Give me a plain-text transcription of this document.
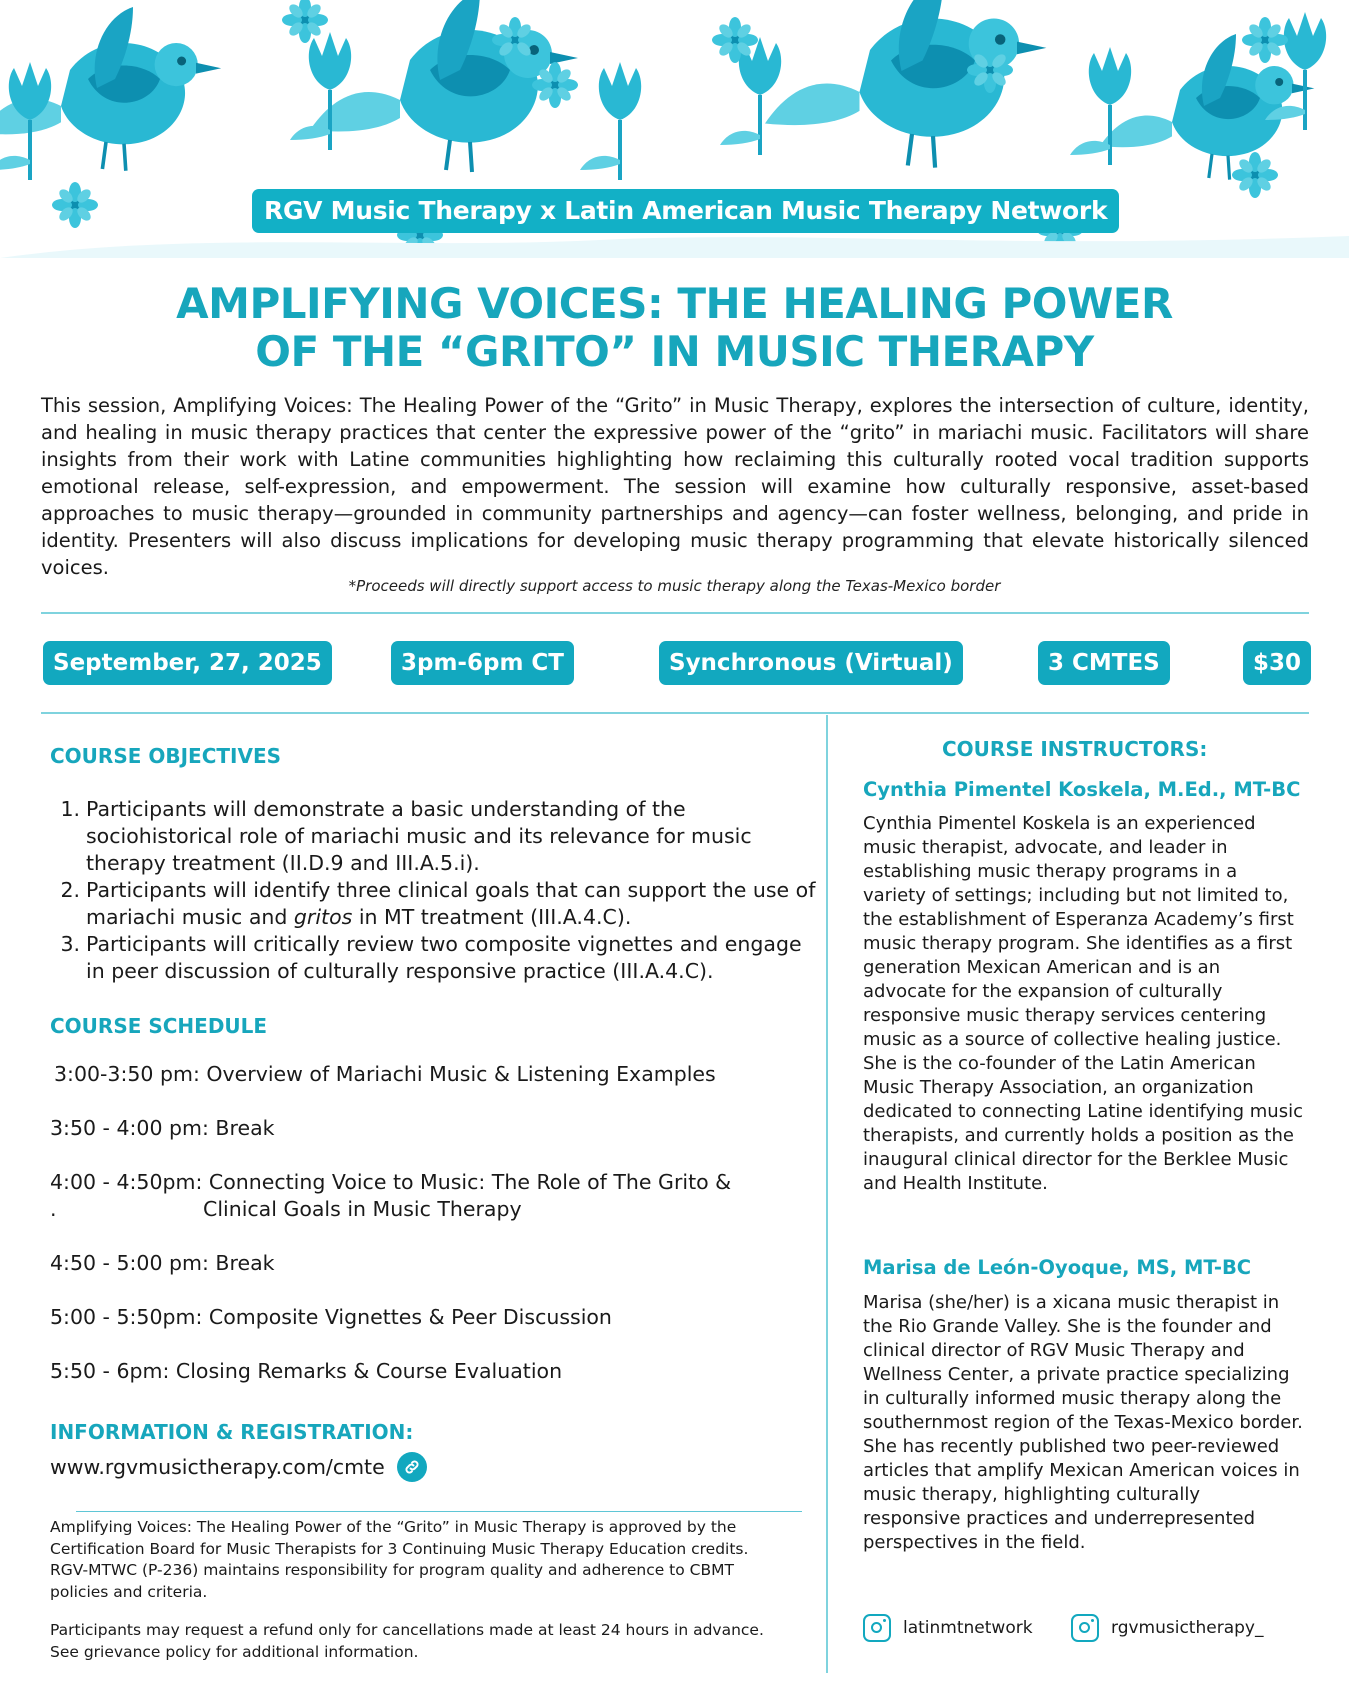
RGV Music Therapy x Latin American Music Therapy Network
AMPLIFYING VOICES: THE HEALING POWER
OF THE “GRITO” IN MUSIC THERAPY
This session, Amplifying Voices: The Healing Power of the “Grito” in Music Therapy, explores the intersection of culture, identity, and healing in music therapy practices that center the expressive power of the “grito” in mariachi music. Facilitators will share insights from their work with Latine communities highlighting how reclaiming this culturally rooted vocal tradition supports emotional release, self-expression, and empowerment. The session will examine how culturally responsive, asset-based approaches to music therapy—grounded in community partnerships and agency—can foster wellness, belonging, and pride in identity. Presenters will also discuss implications for developing music therapy programming that elevate historically silenced voices.
*Proceeds will directly support access to music therapy along the Texas-Mexico border
September, 27, 2025	3pm-6pm CT	Synchronous (Virtual)	3 CMTES	$30
COURSE OBJECTIVES
1. Participants will demonstrate a basic understanding of the sociohistorical role of mariachi music and its relevance for music therapy treatment (II.D.9 and III.A.5.i).
2. Participants will identify three clinical goals that can support the use of mariachi music and gritos in MT treatment (III.A.4.C).
3. Participants will critically review two composite vignettes and engage in peer discussion of culturally responsive practice (III.A.4.C).
COURSE SCHEDULE
3:00-3:50 pm: Overview of Mariachi Music & Listening Examples
3:50 - 4:00 pm: Break
4:00 - 4:50pm: Connecting Voice to Music: The Role of The Grito &
.	Clinical Goals in Music Therapy
4:50 - 5:00 pm: Break
5:00 - 5:50pm: Composite Vignettes & Peer Discussion
5:50 - 6pm: Closing Remarks & Course Evaluation
INFORMATION & REGISTRATION:
www.rgvmusictherapy.com/cmte
Amplifying Voices: The Healing Power of the “Grito” in Music Therapy is approved by the Certification Board for Music Therapists for 3 Continuing Music Therapy Education credits. RGV-MTWC (P-236) maintains responsibility for program quality and adherence to CBMT policies and criteria.
Participants may request a refund only for cancellations made at least 24 hours in advance. See grievance policy for additional information.
COURSE INSTRUCTORS:
Cynthia Pimentel Koskela, M.Ed., MT-BC
Cynthia Pimentel Koskela is an experienced music therapist, advocate, and leader in establishing music therapy programs in a variety of settings; including but not limited to, the establishment of Esperanza Academy’s first music therapy program. She identifies as a first generation Mexican American and is an advocate for the expansion of culturally responsive music therapy services centering music as a source of collective healing justice. She is the co-founder of the Latin American Music Therapy Association, an organization dedicated to connecting Latine identifying music therapists, and currently holds a position as the inaugural clinical director for the Berklee Music and Health Institute.
Marisa de León-Oyoque, MS, MT-BC
Marisa (she/her) is a xicana music therapist in the Rio Grande Valley. She is the founder and clinical director of RGV Music Therapy and Wellness Center, a private practice specializing in culturally informed music therapy along the southernmost region of the Texas-Mexico border. She has recently published two peer-reviewed articles that amplify Mexican American voices in music therapy, highlighting culturally responsive practices and underrepresented perspectives in the field.
latinmtnetwork	rgvmusictherapy_
